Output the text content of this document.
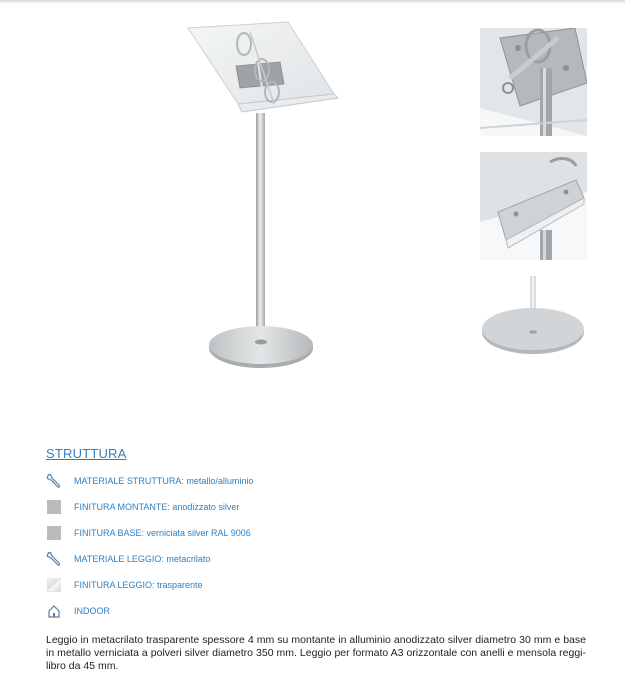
STRUTTURA
MATERIALE STRUTTURA: metallo/alluminio
FINITURA MONTANTE: anodizzato silver
FINITURA BASE: verniciata silver RAL 9006
MATERIALE LEGGIO: metacrilato
FINITURA LEGGIO: trasparente
INDOOR

Leggio in metacrilato trasparente spessore 4 mm su montante in alluminio anodizzato silver diametro 30 mm e base in metallo verniciata a polveri silver diametro 350 mm. Leggio per formato A3 orizzontale con anelli e mensola reggi-libro da 45 mm.
